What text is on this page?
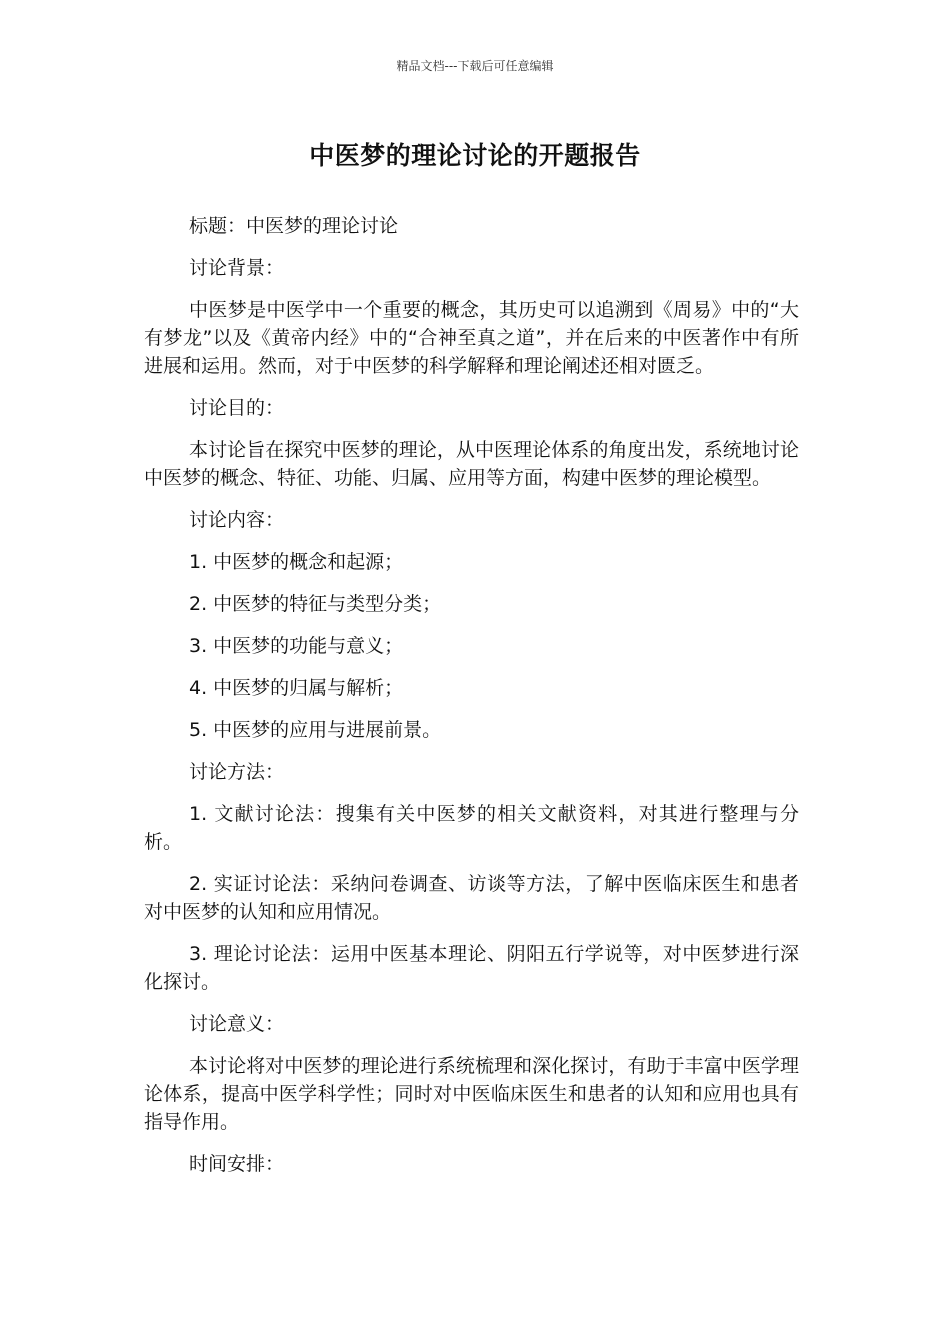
精品文档---下载后可任意编辑
中医梦的理论讨论的开题报告

标题：中医梦的理论讨论

讨论背景：

中医梦是中医学中一个重要的概念，其历史可以追溯到《周易》中的“大有梦龙”以及《黄帝内经》中的“合神至真之道”，并在后来的中医著作中有所进展和运用。然而，对于中医梦的科学解释和理论阐述还相对匮乏。

讨论目的：

本讨论旨在探究中医梦的理论，从中医理论体系的角度出发，系统地讨论中医梦的概念、特征、功能、归属、应用等方面，构建中医梦的理论模型。

讨论内容：

1. 中医梦的概念和起源；

2. 中医梦的特征与类型分类；

3. 中医梦的功能与意义；

4. 中医梦的归属与解析；

5. 中医梦的应用与进展前景。

讨论方法：

1. 文献讨论法：搜集有关中医梦的相关文献资料，对其进行整理与分析。

2. 实证讨论法：采纳问卷调查、访谈等方法，了解中医临床医生和患者对中医梦的认知和应用情况。

3. 理论讨论法：运用中医基本理论、阴阳五行学说等，对中医梦进行深化探讨。

讨论意义：

本讨论将对中医梦的理论进行系统梳理和深化探讨，有助于丰富中医学理论体系，提高中医学科学性；同时对中医临床医生和患者的认知和应用也具有指导作用。

时间安排：
